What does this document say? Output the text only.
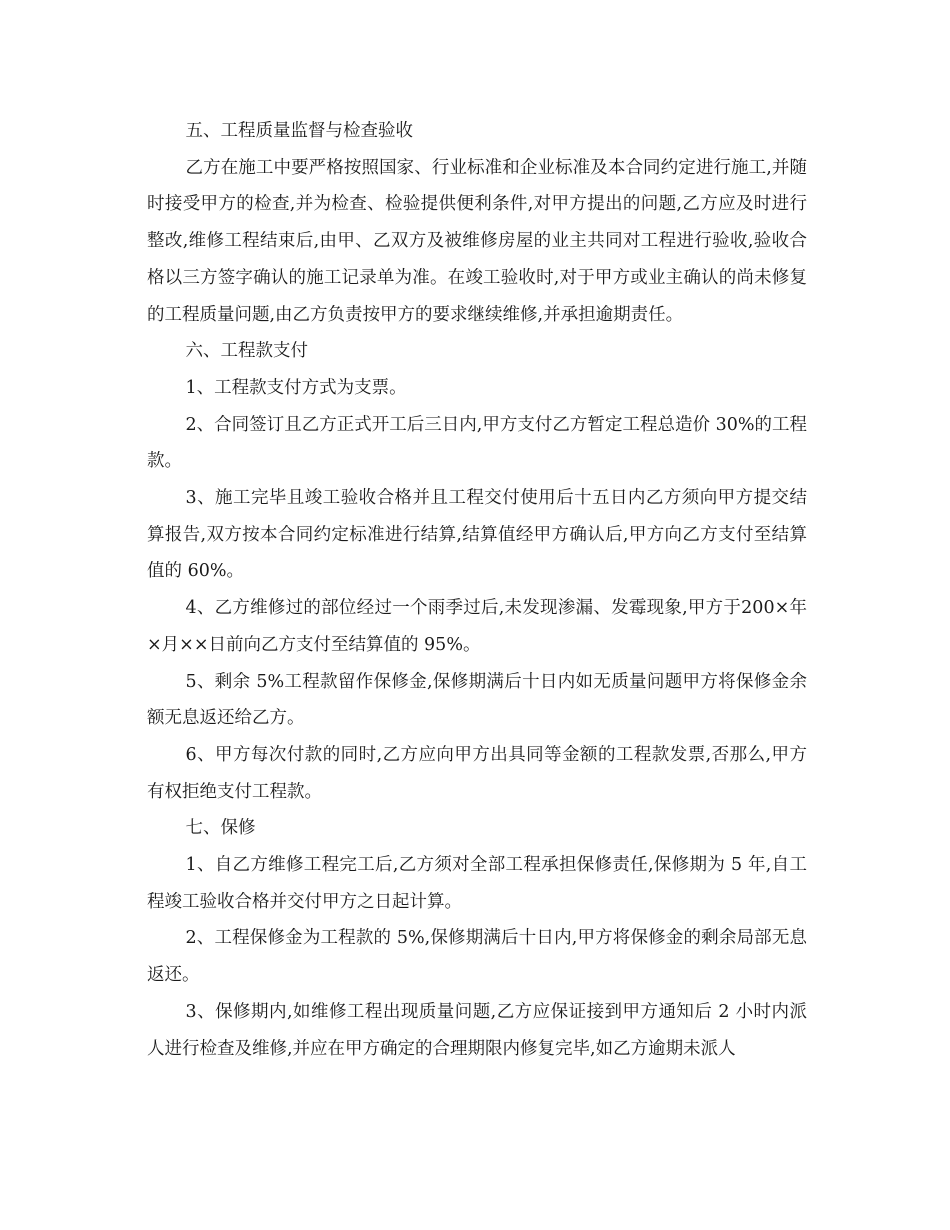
五、工程质量监督与检查验收

乙方在施工中要严格按照国家、行业标准和企业标准及本合同约定进行施工,并随时接受甲方的检查,并为检查、检验提供便利条件,对甲方提出的问题,乙方应及时进行整改,维修工程结束后,由甲、乙双方及被维修房屋的业主共同对工程进行验收,验收合格以三方签字确认的施工记录单为准。在竣工验收时,对于甲方或业主确认的尚未修复的工程质量问题,由乙方负责按甲方的要求继续维修,并承担逾期责任。

六、工程款支付

1、工程款支付方式为支票。

2、合同签订且乙方正式开工后三日内,甲方支付乙方暂定工程总造价 30%的工程款。

3、施工完毕且竣工验收合格并且工程交付使用后十五日内乙方须向甲方提交结算报告,双方按本合同约定标准进行结算,结算值经甲方确认后,甲方向乙方支付至结算值的 60%。

4、乙方维修过的部位经过一个雨季过后,未发现渗漏、发霉现象,甲方于200×年×月××日前向乙方支付至结算值的 95%。

5、剩余 5%工程款留作保修金,保修期满后十日内如无质量问题甲方将保修金余额无息返还给乙方。

6、甲方每次付款的同时,乙方应向甲方出具同等金额的工程款发票,否那么,甲方有权拒绝支付工程款。

七、保修

1、自乙方维修工程完工后,乙方须对全部工程承担保修责任,保修期为 5 年,自工程竣工验收合格并交付甲方之日起计算。

2、工程保修金为工程款的 5%,保修期满后十日内,甲方将保修金的剩余局部无息返还。

3、保修期内,如维修工程出现质量问题,乙方应保证接到甲方通知后 2 小时内派人进行检查及维修,并应在甲方确定的合理期限内修复完毕,如乙方逾期未派人
